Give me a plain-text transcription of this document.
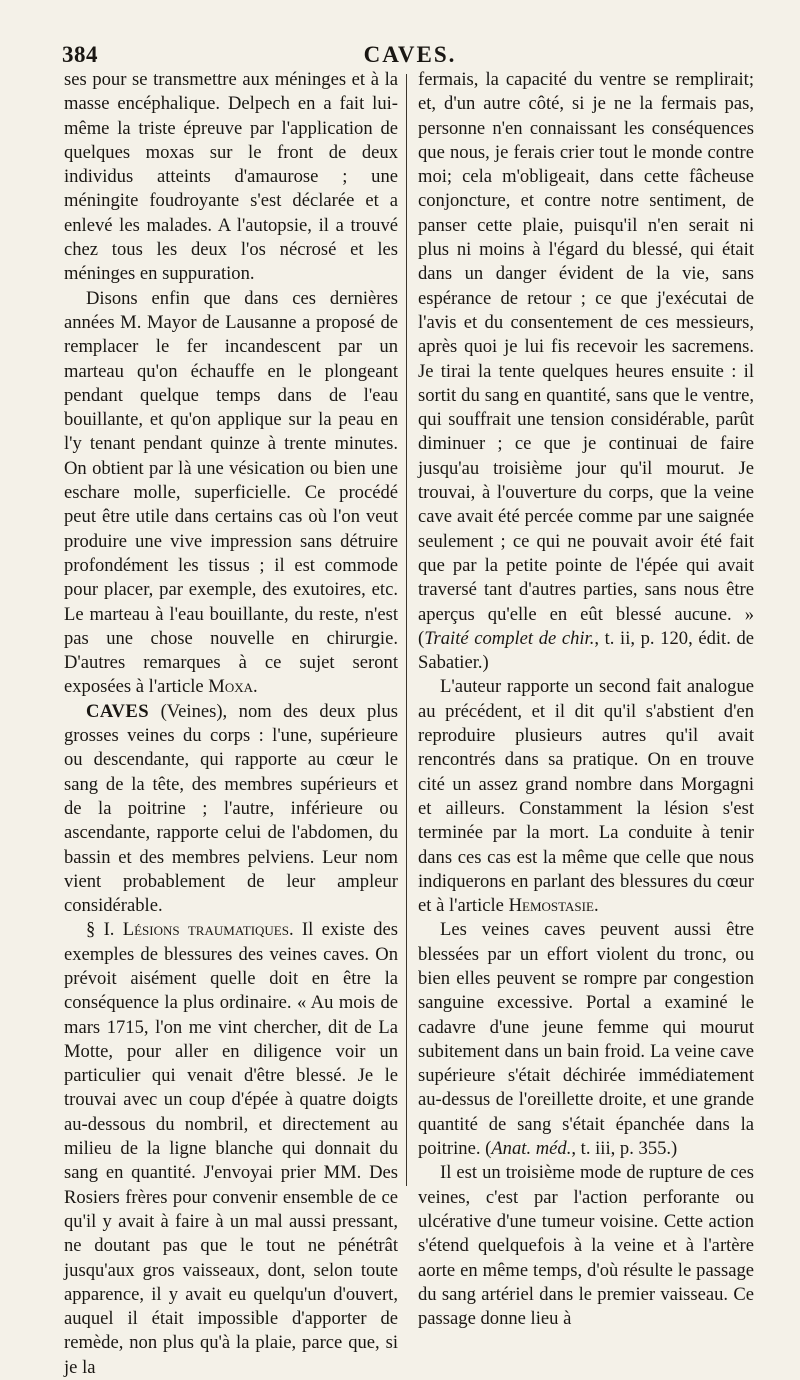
384	CAVES.

ses pour se transmettre aux méninges et à la masse encéphalique. Delpech en a fait lui-même la triste épreuve par l'application de quelques moxas sur le front de deux individus atteints d'amaurose ; une méningite foudroyante s'est déclarée et a enlevé les malades. A l'autopsie, il a trouvé chez tous les deux l'os nécrosé et les méninges en suppuration.

Disons enfin que dans ces dernières années M. Mayor de Lausanne a proposé de remplacer le fer incandescent par un marteau qu'on échauffe en le plongeant pendant quelque temps dans de l'eau bouillante, et qu'on applique sur la peau en l'y tenant pendant quinze à trente minutes. On obtient par là une vésication ou bien une eschare molle, superficielle. Ce procédé peut être utile dans certains cas où l'on veut produire une vive impression sans détruire profondément les tissus ; il est commode pour placer, par exemple, des exutoires, etc. Le marteau à l'eau bouillante, du reste, n'est pas une chose nouvelle en chirurgie. D'autres remarques à ce sujet seront exposées à l'article Moxa.

CAVES (Veines), nom des deux plus grosses veines du corps : l'une, supérieure ou descendante, qui rapporte au cœur le sang de la tête, des membres supérieurs et de la poitrine ; l'autre, inférieure ou ascendante, rapporte celui de l'abdomen, du bassin et des membres pelviens. Leur nom vient probablement de leur ampleur considérable.

§ I. Lésions traumatiques. Il existe des exemples de blessures des veines caves. On prévoit aisément quelle doit en être la conséquence la plus ordinaire. « Au mois de mars 1715, l'on me vint chercher, dit de La Motte, pour aller en diligence voir un particulier qui venait d'être blessé. Je le trouvai avec un coup d'épée à quatre doigts au-dessous du nombril, et directement au milieu de la ligne blanche qui donnait du sang en quantité. J'envoyai prier MM. Des Rosiers frères pour convenir ensemble de ce qu'il y avait à faire à un mal aussi pressant, ne doutant pas que le tout ne pénétrât jusqu'aux gros vaisseaux, dont, selon toute apparence, il y avait eu quelqu'un d'ouvert, auquel il était impossible d'apporter de remède, non plus qu'à la plaie, parce que, si je la

fermais, la capacité du ventre se remplirait; et, d'un autre côté, si je ne la fermais pas, personne n'en connaissant les conséquences que nous, je ferais crier tout le monde contre moi; cela m'obligeait, dans cette fâcheuse conjoncture, et contre notre sentiment, de panser cette plaie, puisqu'il n'en serait ni plus ni moins à l'égard du blessé, qui était dans un danger évident de la vie, sans espérance de retour ; ce que j'exécutai de l'avis et du consentement de ces messieurs, après quoi je lui fis recevoir les sacremens. Je tirai la tente quelques heures ensuite : il sortit du sang en quantité, sans que le ventre, qui souffrait une tension considérable, parût diminuer ; ce que je continuai de faire jusqu'au troisième jour qu'il mourut. Je trouvai, à l'ouverture du corps, que la veine cave avait été percée comme par une saignée seulement ; ce qui ne pouvait avoir été fait que par la petite pointe de l'épée qui avait traversé tant d'autres parties, sans nous être aperçus qu'elle en eût blessé aucune. » (Traité complet de chir., t. ii, p. 120, édit. de Sabatier.)

L'auteur rapporte un second fait analogue au précédent, et il dit qu'il s'abstient d'en reproduire plusieurs autres qu'il avait rencontrés dans sa pratique. On en trouve cité un assez grand nombre dans Morgagni et ailleurs. Constamment la lésion s'est terminée par la mort. La conduite à tenir dans ces cas est la même que celle que nous indiquerons en parlant des blessures du cœur et à l'article Hemostasie.

Les veines caves peuvent aussi être blessées par un effort violent du tronc, ou bien elles peuvent se rompre par congestion sanguine excessive. Portal a examiné le cadavre d'une jeune femme qui mourut subitement dans un bain froid. La veine cave supérieure s'était déchirée immédiatement au-dessus de l'oreillette droite, et une grande quantité de sang s'était épanchée dans la poitrine. (Anat. méd., t. iii, p. 355.)

Il est un troisième mode de rupture de ces veines, c'est par l'action perforante ou ulcérative d'une tumeur voisine. Cette action s'étend quelquefois à la veine et à l'artère aorte en même temps, d'où résulte le passage du sang artériel dans le premier vaisseau. Ce passage donne lieu à
